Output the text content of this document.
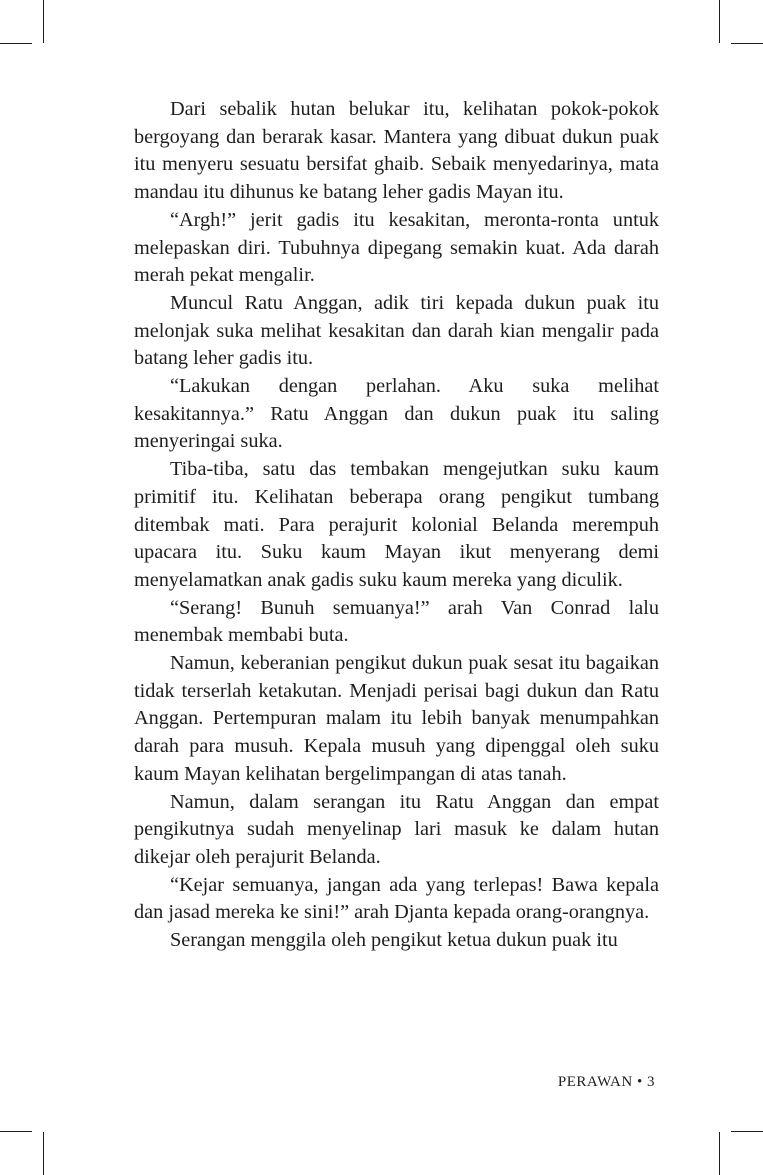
Dari sebalik hutan belukar itu, kelihatan pokok-pokok bergoyang dan berarak kasar. Mantera yang dibuat dukun puak itu menyeru sesuatu bersifat ghaib. Sebaik menyedarinya, mata mandau itu dihunus ke batang leher gadis Mayan itu.

“Argh!” jerit gadis itu kesakitan, meronta-ronta untuk melepaskan diri. Tubuhnya dipegang semakin kuat. Ada darah merah pekat mengalir.

Muncul Ratu Anggan, adik tiri kepada dukun puak itu melonjak suka melihat kesakitan dan darah kian mengalir pada batang leher gadis itu.

“Lakukan dengan perlahan. Aku suka melihat kesakitannya.” Ratu Anggan dan dukun puak itu saling menyeringai suka.

Tiba-tiba, satu das tembakan mengejutkan suku kaum primitif itu. Kelihatan beberapa orang pengikut tumbang ditembak mati. Para perajurit kolonial Belanda merempuh upacara itu. Suku kaum Mayan ikut menyerang demi menyelamatkan anak gadis suku kaum mereka yang diculik.

“Serang! Bunuh semuanya!” arah Van Conrad lalu menembak membabi buta.

Namun, keberanian pengikut dukun puak sesat itu bagaikan tidak terserlah ketakutan. Menjadi perisai bagi dukun dan Ratu Anggan. Pertempuran malam itu lebih banyak menumpahkan darah para musuh. Kepala musuh yang dipenggal oleh suku kaum Mayan kelihatan bergelimpangan di atas tanah.

Namun, dalam serangan itu Ratu Anggan dan empat pengikutnya sudah menyelinap lari masuk ke dalam hutan dikejar oleh perajurit Belanda.

“Kejar semuanya, jangan ada yang terlepas! Bawa kepala dan jasad mereka ke sini!” arah Djanta kepada orang-orangnya.

Serangan menggila oleh pengikut ketua dukun puak itu

PERAWAN • 3
